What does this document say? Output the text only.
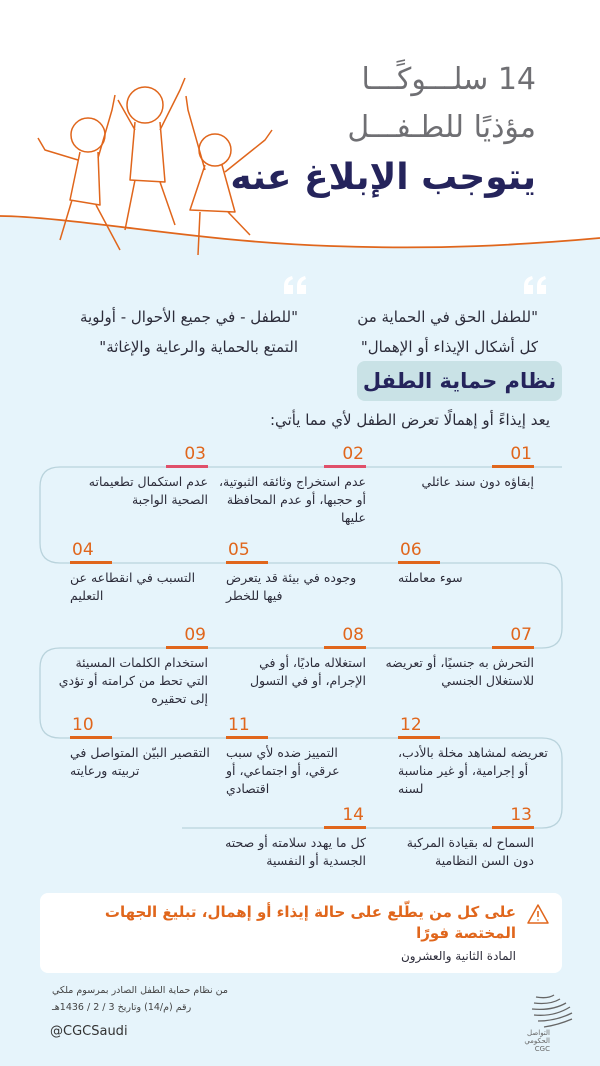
14 سلـــوكًـــا
مؤذيًا للطـفـــل
يتوجب الإبلاغ عنه
"للطفل الحق في الحماية من
كل أشكال الإيذاء أو الإهمال"
"للطفل - في جميع الأحوال - أولوية
التمتع بالحماية والرعاية والإغاثة"
نظام حماية الطفل
يعد إيذاءً أو إهمالًا تعرض الطفل لأي مما يأتي:
01
إبقاؤه دون سند عائلي
02
عدم استخراج وثائقه الثبوتية، أو حجبها، أو عدم المحافظة عليها
03
عدم استكمال تطعيماته الصحية الواجبة
04
التسبب في انقطاعه عن التعليم
05
وجوده في بيئة قد يتعرض فيها للخطر
06
سوء معاملته
07
التحرش به جنسيًا، أو تعريضه للاستغلال الجنسي
08
استغلاله ماديًا، أو في الإجرام، أو في التسول
09
استخدام الكلمات المسيئة التي تحط من كرامته أو تؤدي إلى تحقيره
10
التقصير البيّن المتواصل في تربيته ورعايته
11
التمييز ضده لأي سبب عرقي، أو اجتماعي، أو اقتصادي
12
تعريضه لمشاهد مخلة بالأدب، أو إجرامية، أو غير مناسبة لسنه
13
السماح له بقيادة المركبة دون السن النظامية
14
كل ما يهدد سلامته أو صحته الجسدية أو النفسية
على كل من يطّلع على حالة إيذاء أو إهمال، تبليغ الجهات المختصة فورًا
المادة الثانية والعشرون
من نظام حماية الطفل الصادر بمرسوم ملكي
رقم (م/14) وتاريخ 3 / 2 / 1436هـ
@CGCSaudi	التواصل
الحكومي
CGC
